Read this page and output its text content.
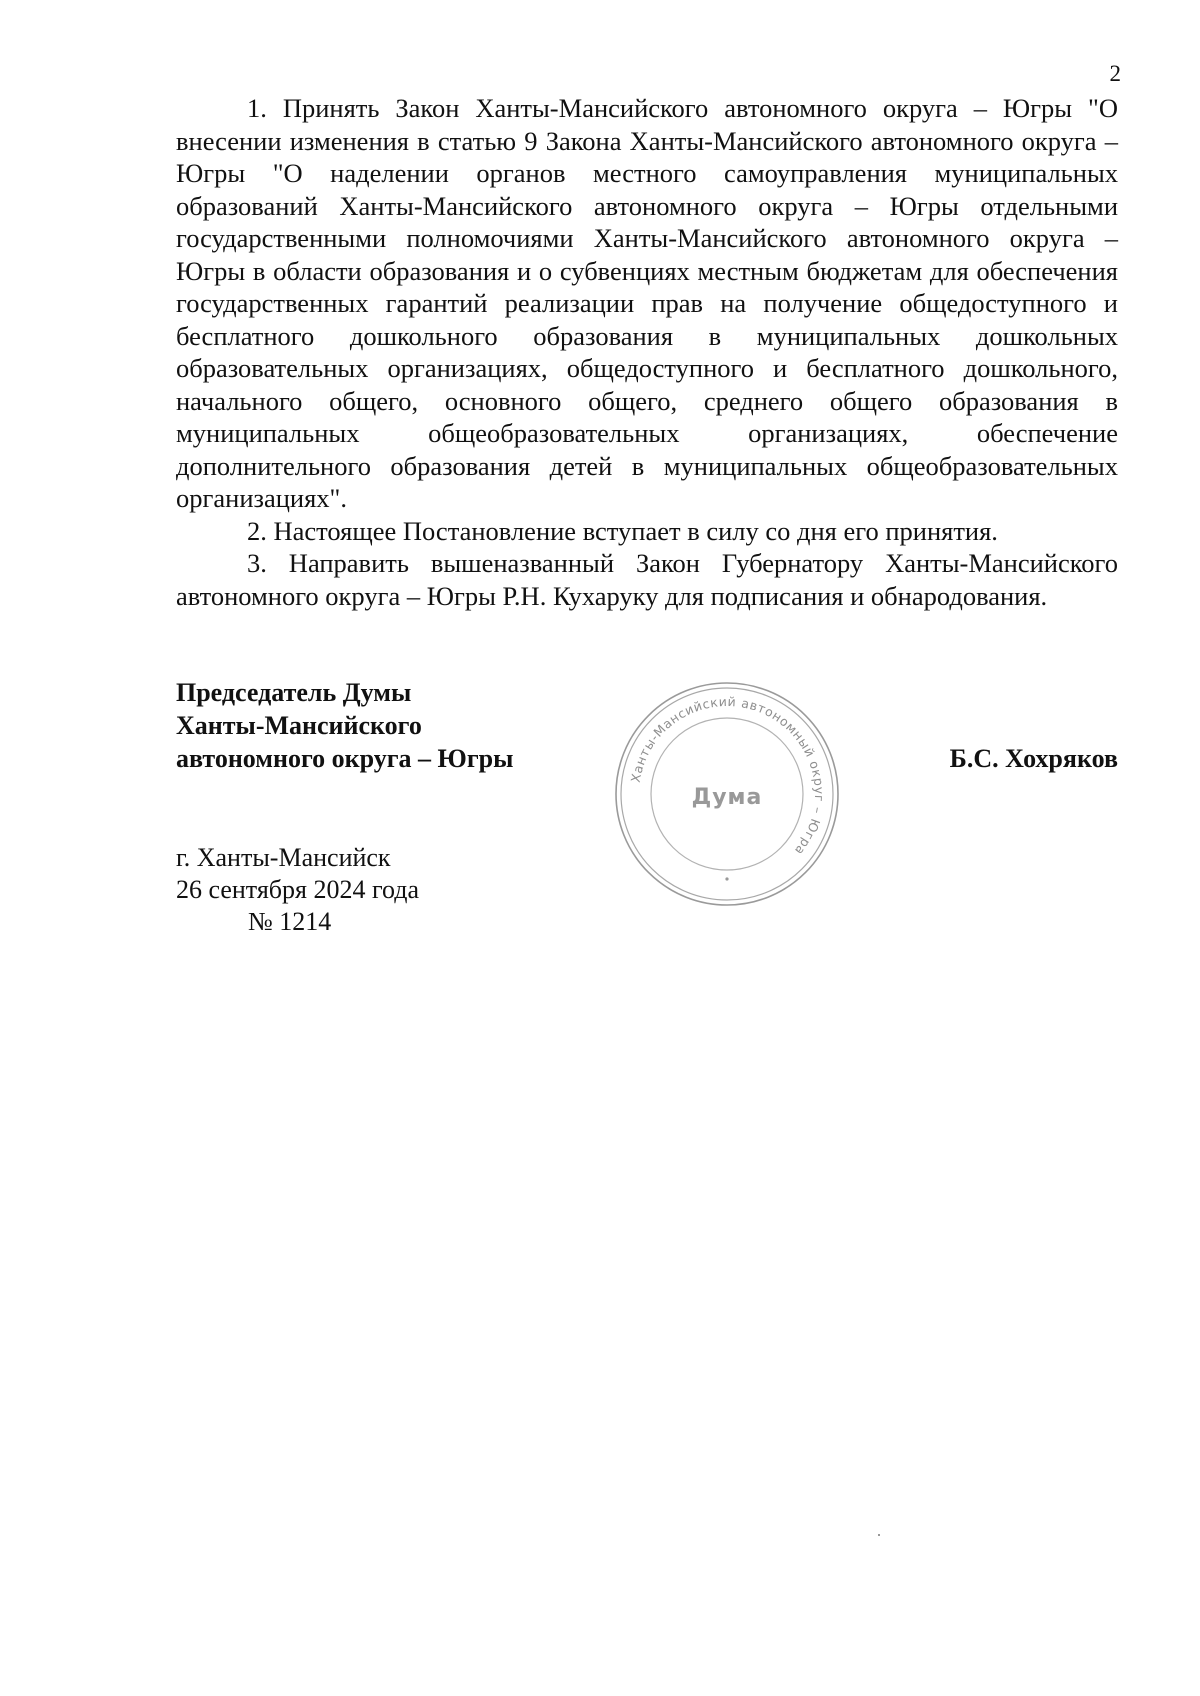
2

1. Принять Закон Ханты-Мансийского автономного округа – Югры "О внесении изменения в статью 9 Закона Ханты-Мансийского автономного округа – Югры "О наделении органов местного самоуправления муниципальных образований Ханты-Мансийского автономного округа – Югры отдельными государственными полномочиями Ханты-Мансийского автономного округа – Югры в области образования и о субвенциях местным бюджетам для обеспечения государственных гарантий реализации прав на получение общедоступного и бесплатного дошкольного образования в муниципальных дошкольных образовательных организациях, общедоступного и бесплатного дошкольного, начального общего, основного общего, среднего общего образования в муниципальных общеобразовательных организациях, обеспечение дополнительного образования детей в муниципальных общеобразовательных организациях".

2. Настоящее Постановление вступает в силу со дня его принятия.

3. Направить вышеназванный Закон Губернатору Ханты-Мансийского автономного округа – Югры Р.Н. Кухаруку для подписания и обнародования.

Председатель Думы
Ханты-Мансийского
автономного округа – Югры
Ханты-Мансийский автономный округ – Югра
Дума
Б.С. Хохряков
г. Ханты-Мансийск
26 сентября 2024 года
№ 1214
